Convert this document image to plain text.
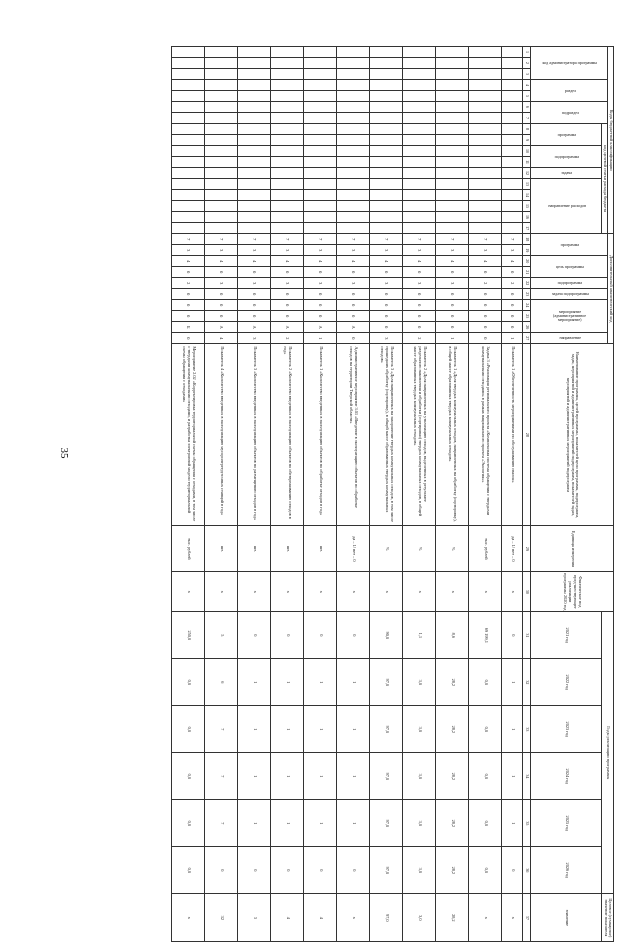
35
Коды бюджетной классификации																	Дополнительный аналитический код										Наименование программы, целей программы, показателей цели программы, подпрограмм, задач, мероприятий и административных мероприятий подпрограмм, показателей задач, мероприятий и административных мероприятий подпрограмм	Единица измерения	Фактическое под пред-шествующее реализации программы 2020 год	Годы реализации программы						Целевое (суммарное) значение показателя
код администратора программы			раздел		подраздел		код целевой статьи расхода бюджета										программа		цель программы		подпрограмма	задача подпрограммы	мероприятие (административное мероприятие)			направление										
							программа		подпрограмма		задача	направление расходов																		2021 год	2022 год	2023 год	2024 год	2025 год	2026 год	значение
1	2	3	4	5	6	7	8	9	10	11	12	13	14	15	16	17	18	19	20	21	22	23	24	25	26	27	28	29	30	31	32	33	34	35	36	37
																	7	3	4	0	2	0	0	0	0	1	Показатель 1 «Обеспеченность мероприятиями по обслуживанию свалок»	да – 1/ нет – 0	х	0	1	1	1	1	0	х
																	7	3	4	0	2	0	0	0	0	0	Задача 3 «Реализация регионального проекта «Комплексная система обращения с твердыми коммунальными отходами» в рамках национального проекта «Экология»»	тыс. рублей	х	69 199,1	0,0	0,0	0,0	0,0	0,0	х
																	7	3	4	0	3	0	0	0	0	1	Показатель 1 «Доля твердых коммунальных отходов, направленных на обработку (сортировку), в общей массе образованных твердых коммунальных отходов»	%	х	8,6	28,2	28,2	28,2	28,2	28,2	28,2
																	7	3	4	0	3	0	0	0	0	2	Показатель 2 «Доля направленных на утилизацию отходов, выделенных в результате раздельного накопления и обработки (сортировки) твердых коммунальных отходов, в общей массе образованных твердых коммунальных отходов»	%	х	1,1	3,0	3,0	3,0	3,0	3,0	3,0
																	7	3	4	0	3	0	0	0	0	3	Показатель 3 «Доля направленных на захоронение твердых коммунальных отходов, в том числе прошедших обработку (сортировку), в общей массе образованных твердых коммунальных отходов»	%	х	90,0	97,0	97,0	97,0	97,0	97,0	97,0
																	7	3	4	0	3	0	0	0	А	0	Административное мероприятие 3.01 «Введение в эксплуатацию объектов по обработке отходов на территории Тверской области»	да – 1/ нет – 0	х	0	1	1	1	1	0	х
																	7	3	4	0	3	0	0	0	А	1	Показатель 1 «Количество введенных в эксплуатацию объектов по обработке отходов в год»	шт.	х	0	1	1	1	1	0	4
																	7	3	4	0	3	0	0	0	А	2	Показатель 2 «Количество введенных в эксплуатацию объектов по обезвреживанию отходов в год»	шт.	х	0	1	1	1	1	0	4
																	7	3	4	0	3	0	0	0	А	3	Показатель 3 «Количество введенных в эксплуатацию объектов по размещению отходов в год»	шт.	х	0	1	1	1	1	0	3
																	7	3	4	0	3	0	0	0	А	4	Показатель 4 «Количество введенных в эксплуатацию мусороперегрузочных станций в год»	шт.	х	5	6	7	7	7	0	32
																	7	3	4	0	2	0	0	0	Б	0	Мероприятие 2.02 «Корректировка территориальной схемы обращения с отходами, в том числе с твердыми коммунальными отходами, и разработка электронной модели территориальной схемы обращения с отходами»	тыс. рублей	х	250,0	0,0	0,0	0,0	0,0	0,0	х
